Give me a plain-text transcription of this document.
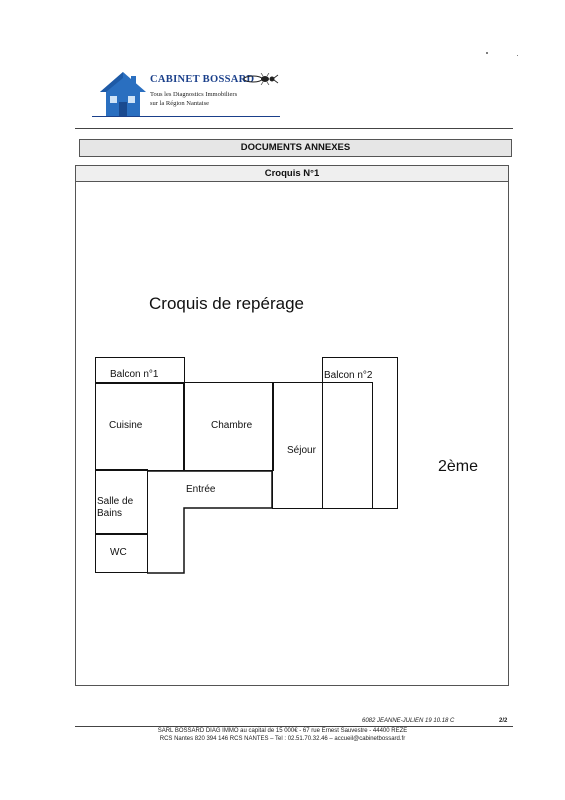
CABINET BOSSARD
Tous les Diagnostics Immobiliers
sur la Région Nantaise
DOCUMENTS ANNEXES
Croquis N°1
Croquis de repérage
2ème
Balcon n°1	Balcon n°2
Cuisine	Chambre
Séjour
Entrée
Salle de
Bains
WC
6082 JEANNE-JULIEN 19 10.18 C	2/2
SARL BOSSARD DIAG IMMO au capital de 15 000€ - 67 rue Ernest Sauvestre - 44400 REZE
RCS Nantes 820 394 146 RCS NANTES – Tel : 02.51.70.32.46 – accueil@cabinetbossard.fr
